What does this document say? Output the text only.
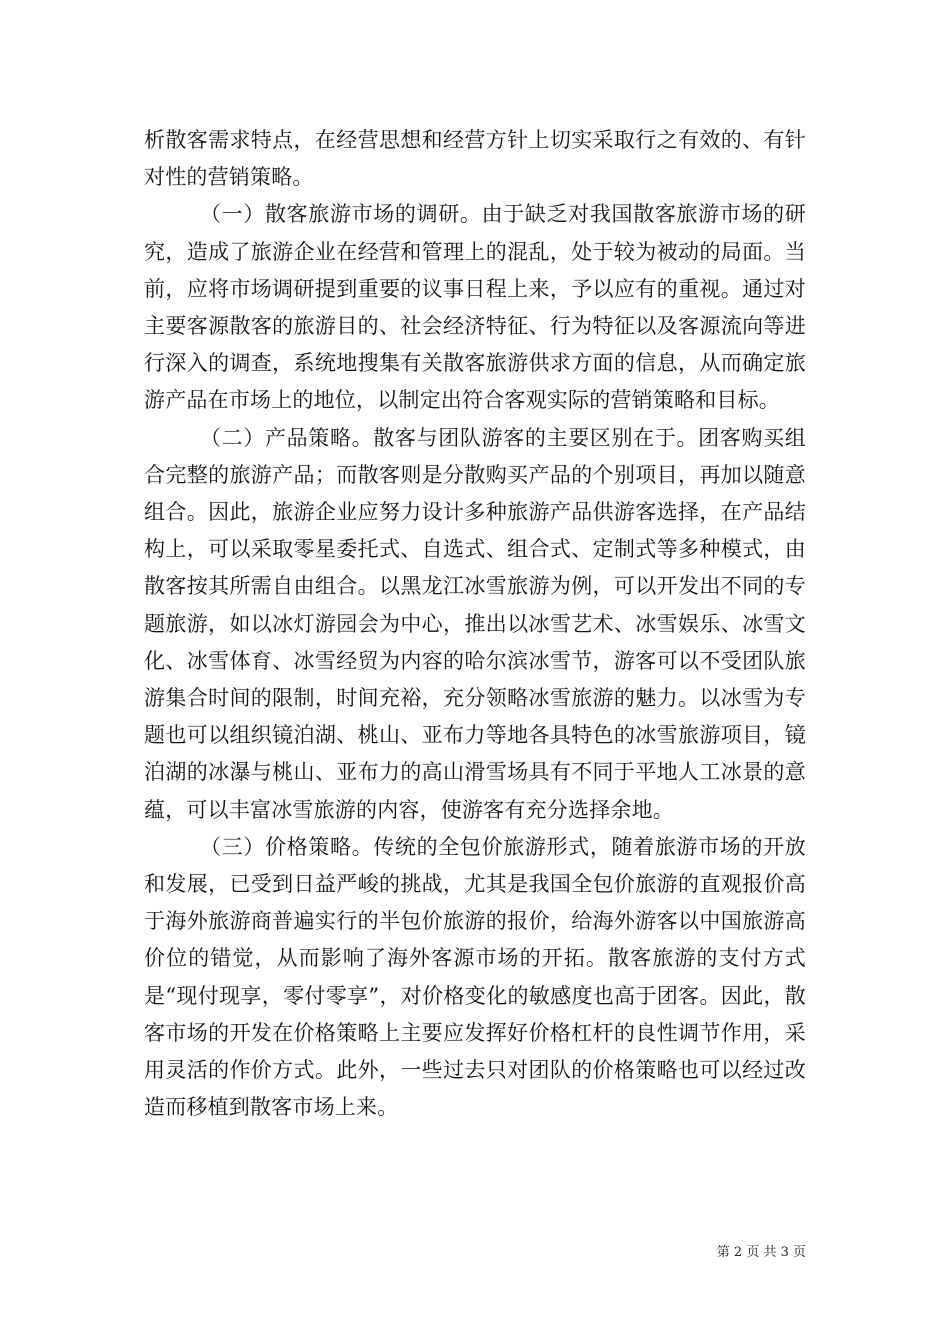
析散客需求特点，在经营思想和经营方针上切实采取行之有效的、有针对性的营销策略。

（一）散客旅游市场的调研。由于缺乏对我国散客旅游市场的研究，造成了旅游企业在经营和管理上的混乱，处于较为被动的局面。当前，应将市场调研提到重要的议事日程上来，予以应有的重视。通过对主要客源散客的旅游目的、社会经济特征、行为特征以及客源流向等进行深入的调查，系统地搜集有关散客旅游供求方面的信息，从而确定旅游产品在市场上的地位，以制定出符合客观实际的营销策略和目标。

（二）产品策略。散客与团队游客的主要区别在于。团客购买组合完整的旅游产品；而散客则是分散购买产品的个别项目，再加以随意组合。因此，旅游企业应努力设计多种旅游产品供游客选择，在产品结构上，可以采取零星委托式、自选式、组合式、定制式等多种模式，由散客按其所需自由组合。以黑龙江冰雪旅游为例，可以开发出不同的专题旅游，如以冰灯游园会为中心，推出以冰雪艺术、冰雪娱乐、冰雪文化、冰雪体育、冰雪经贸为内容的哈尔滨冰雪节，游客可以不受团队旅游集合时间的限制，时间充裕，充分领略冰雪旅游的魅力。以冰雪为专题也可以组织镜泊湖、桃山、亚布力等地各具特色的冰雪旅游项目，镜泊湖的冰瀑与桃山、亚布力的高山滑雪场具有不同于平地人工冰景的意蕴，可以丰富冰雪旅游的内容，使游客有充分选择余地。

（三）价格策略。传统的全包价旅游形式，随着旅游市场的开放和发展，已受到日益严峻的挑战，尤其是我国全包价旅游的直观报价高于海外旅游商普遍实行的半包价旅游的报价，给海外游客以中国旅游高价位的错觉，从而影响了海外客源市场的开拓。散客旅游的支付方式是“现付现享，零付零享”，对价格变化的敏感度也高于团客。因此，散客市场的开发在价格策略上主要应发挥好价格杠杆的良性调节作用，采用灵活的作价方式。此外，一些过去只对团队的价格策略也可以经过改造而移植到散客市场上来。

第 2 页 共 3 页
